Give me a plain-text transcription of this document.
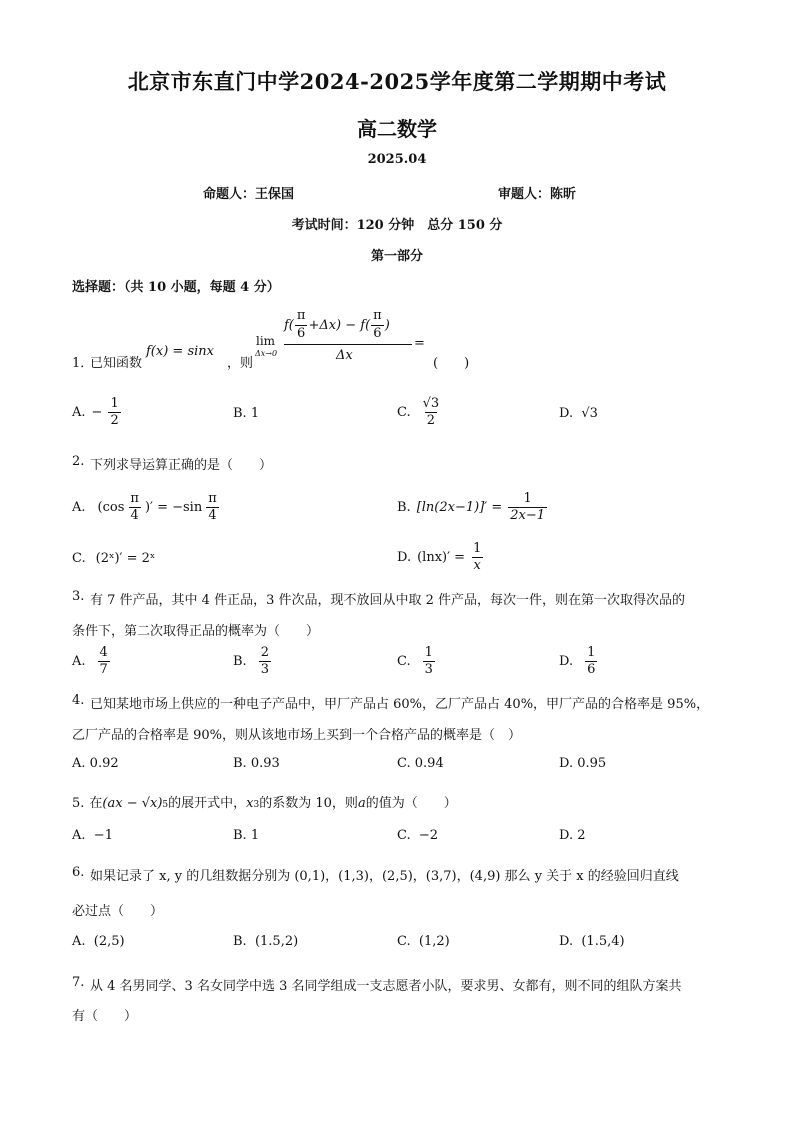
北京市东直门中学2024-2025学年度第二学期期中考试
高二数学
2025.04
命题人：王保国	审题人：陈昕
考试时间：120 分钟　总分 150 分
第一部分
选择题：（共 10 小题，每题 4 分）
1．
已知函数
f(x) = sinx
，则
lim
Δx→0
$f( \frac{\pi}{6} +\Delta x) - f( \frac{\pi}{6}$ )
Δx
=
(　　)
A. − $\frac{1}{2}$	B. 1	C. $\frac{√3}{2}$	D. √3
2. 下列求导运算正确的是（　　）
A. ($\cos \frac{\pi}{4}$ )′ = $-\sin \frac{\pi}{4}$	B. $[\ln(2x-1)]' = \frac{1}{2x-1}$
C. (2ˣ)′ = 2ˣ	D. $(\ln x)' = \frac{1}{x}$
3. 有 7 件产品，其中 4 件正品，3 件次品，现不放回从中取 2 件产品，每次一件，则在第一次取得次品的
条件下，第二次取得正品的概率为（　　）
A. $\frac{4}{7}$	B. $\frac{2}{3}$	C. $\frac{1}{3}$	D. $\frac{1}{6}$
4. 已知某地市场上供应的一种电子产品中，甲厂产品占 60%，乙厂产品占 40%，甲厂产品的合格率是 95%，
乙厂产品的合格率是 90%，则从该地市场上买到一个合格产品的概率是（　）
A. 0.92	B. 0.93	C. 0.94	D. 0.95
5. 在 (ax − √x) 5 的展开式中， x 3 的系数为 10，则 a 的值为（　　）
A. −1	B. 1	C. −2	D. 2
6. 如果记录了 x, y 的几组数据分别为 (0,1)，(1,3)，(2,5)，(3,7)，(4,9) 那么 y 关于 x 的经验回归直线
必过点（　　）
A. (2,5)	B. (1.5,2)	C. (1,2)	D. (1.5,4)
7. 从 4 名男同学、3 名女同学中选 3 名同学组成一支志愿者小队，要求男、女都有，则不同的组队方案共
有（　　）
